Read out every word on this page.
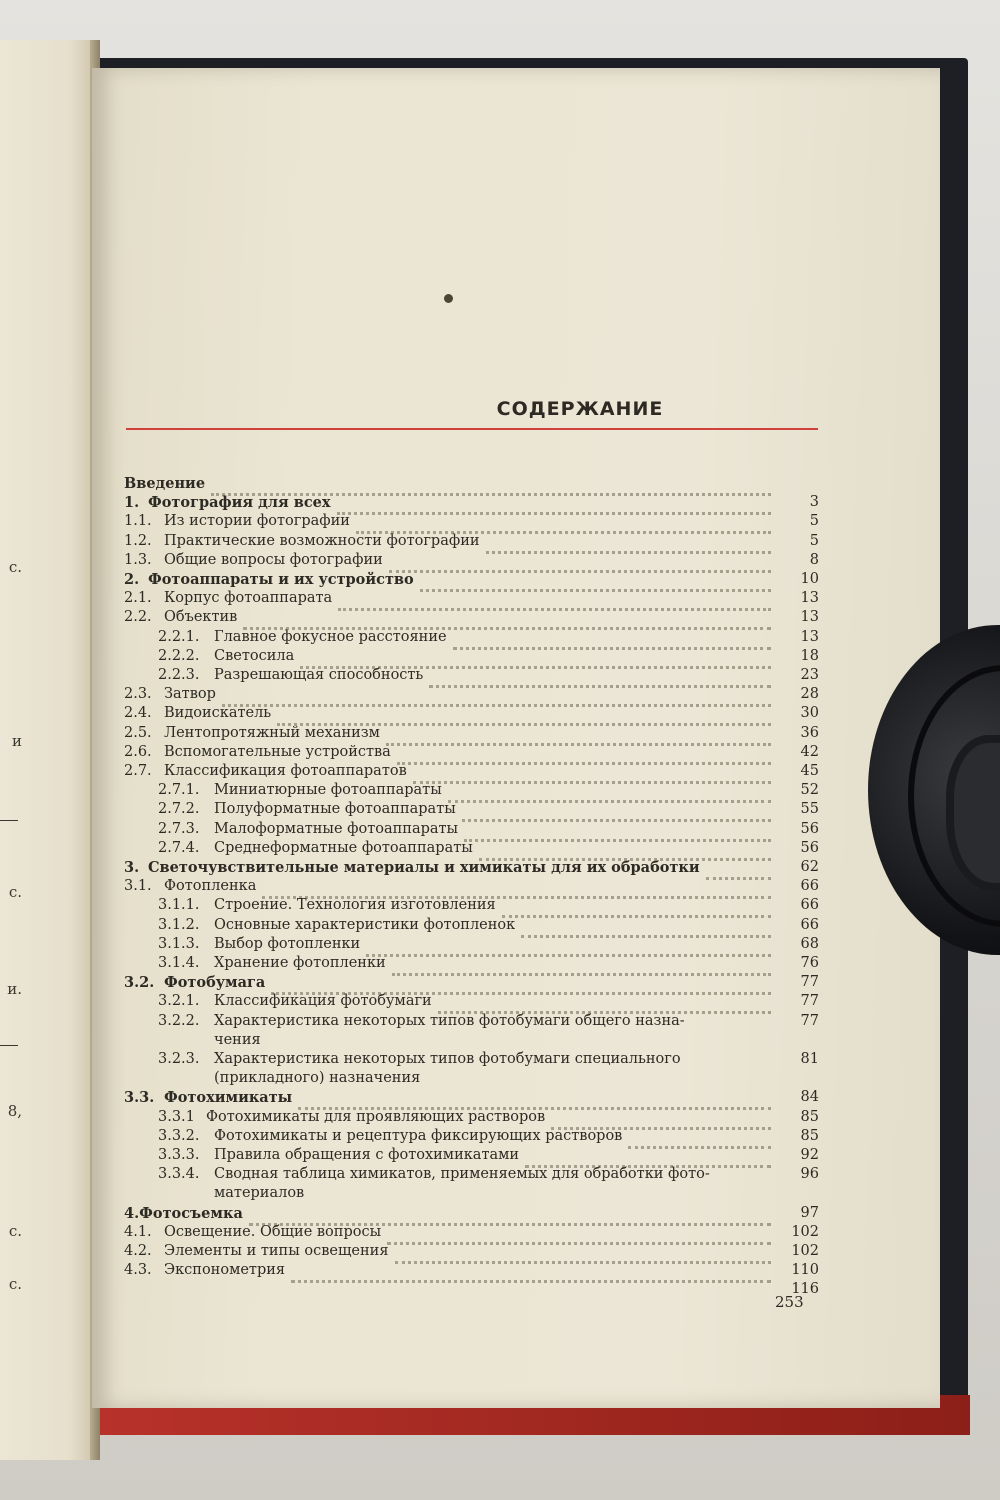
с.
и
с.
и.
8,
с.
с.
СОДЕРЖАНИЕ
Введение
1. Фотография для всех	3
1.1. Из истории фотографии	5
1.2. Практические возможности фотографии	5
1.3. Общие вопросы фотографии	8
2. Фотоаппараты и их устройство	10
2.1. Корпус фотоаппарата	13
2.2. Объектив	13
2.2.1. Главное фокусное расстояние	13
2.2.2. Светосила	18
2.2.3. Разрешающая способность	23
2.3. Затвор	28
2.4. Видоискатель	30
2.5. Лентопротяжный механизм	36
2.6. Вспомогательные устройства	42
2.7. Классификация фотоаппаратов	45
2.7.1. Миниатюрные фотоаппараты	52
2.7.2. Полуформатные фотоаппараты	55
2.7.3. Малоформатные фотоаппараты	56
2.7.4. Среднеформатные фотоаппараты	56
3. Светочувствительные материалы и химикаты для их обработки	62
3.1. Фотопленка	66
3.1.1. Строение. Технология изготовления	66
3.1.2. Основные характеристики фотопленок	66
3.1.3. Выбор фотопленки	68
3.1.4. Хранение фотопленки	76
3.2. Фотобумага	77
3.2.1. Классификация фотобумаги	77
3.2.2. Характеристика некоторых типов фотобумаги общего назна-	77
чения
3.2.3. Характеристика некоторых типов фотобумаги специального	81
(прикладного) назначения
3.3. Фотохимикаты	84
3.3.1 Фотохимикаты для проявляющих растворов	85
3.3.2. Фотохимикаты и рецептура фиксирующих растворов	85
3.3.3. Правила обращения с фотохимикатами	92
3.3.4. Сводная таблица химикатов, применяемых для обработки фото-	96
материалов
4.Фотосъемка	97
4.1. Освещение. Общие вопросы	102
4.2. Элементы и типы освещения	102
4.3. Экспонометрия	110
116
253
